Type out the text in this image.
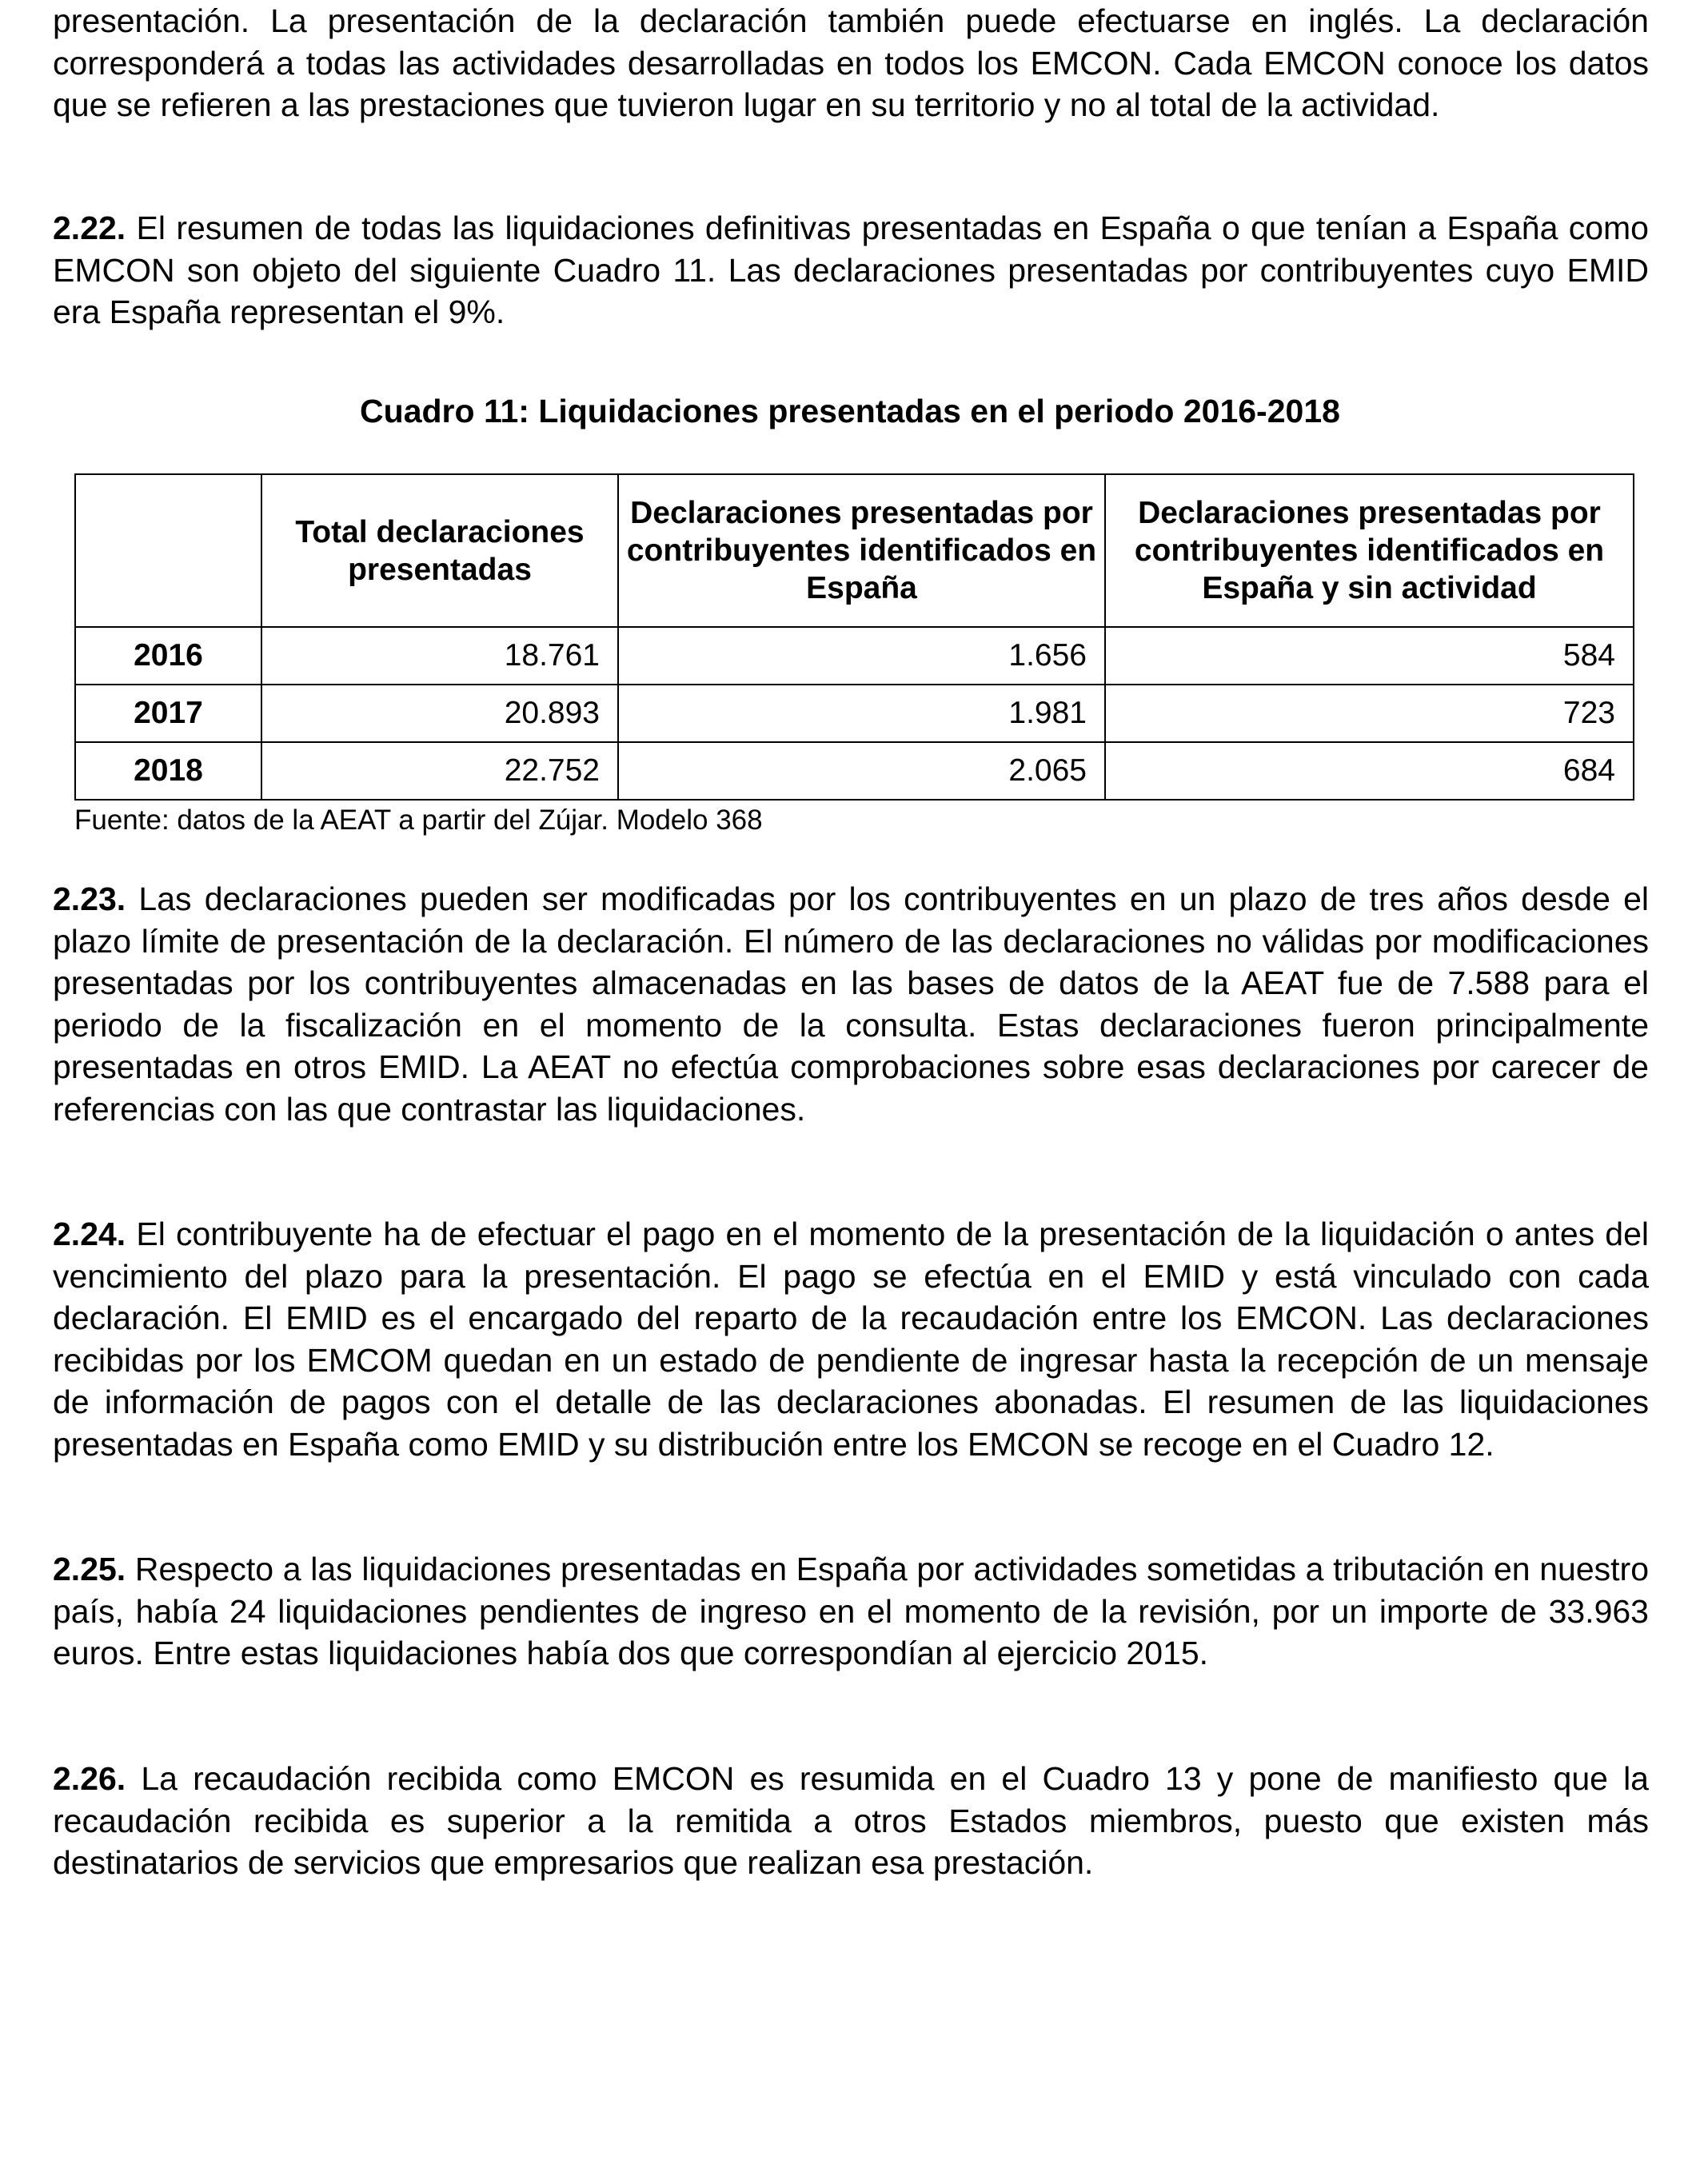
presentación. La presentación de la declaración también puede efectuarse en inglés. La declaración corresponderá a todas las actividades desarrolladas en todos los EMCON. Cada EMCON conoce los datos que se refieren a las prestaciones que tuvieron lugar en su territorio y no al total de la actividad.

2.22. El resumen de todas las liquidaciones definitivas presentadas en España o que tenían a España como EMCON son objeto del siguiente Cuadro 11. Las declaraciones presentadas por contribuyentes cuyo EMID era España representan el 9%.

Cuadro 11: Liquidaciones presentadas en el periodo 2016-2018
	Total declaraciones presentadas	Declaraciones presentadas por contribuyentes identificados en España	Declaraciones presentadas por contribuyentes identificados en España y sin actividad
2016	18.761	1.656	584
2017	20.893	1.981	723
2018	22.752	2.065	684
Fuente: datos de la AEAT a partir del Zújar. Modelo 368

2.23. Las declaraciones pueden ser modificadas por los contribuyentes en un plazo de tres años desde el plazo límite de presentación de la declaración. El número de las declaraciones no válidas por modificaciones presentadas por los contribuyentes almacenadas en las bases de datos de la AEAT fue de 7.588 para el periodo de la fiscalización en el momento de la consulta. Estas declaraciones fueron principalmente presentadas en otros EMID. La AEAT no efectúa comprobaciones sobre esas declaraciones por carecer de referencias con las que contrastar las liquidaciones.

2.24. El contribuyente ha de efectuar el pago en el momento de la presentación de la liquidación o antes del vencimiento del plazo para la presentación. El pago se efectúa en el EMID y está vinculado con cada declaración. El EMID es el encargado del reparto de la recaudación entre los EMCON. Las declaraciones recibidas por los EMCOM quedan en un estado de pendiente de ingresar hasta la recepción de un mensaje de información de pagos con el detalle de las declaraciones abonadas. El resumen de las liquidaciones presentadas en España como EMID y su distribución entre los EMCON se recoge en el Cuadro 12.

2.25. Respecto a las liquidaciones presentadas en España por actividades sometidas a tributación en nuestro país, había 24 liquidaciones pendientes de ingreso en el momento de la revisión, por un importe de 33.963 euros. Entre estas liquidaciones había dos que correspondían al ejercicio 2015.

2.26. La recaudación recibida como EMCON es resumida en el Cuadro 13 y pone de manifiesto que la recaudación recibida es superior a la remitida a otros Estados miembros, puesto que existen más destinatarios de servicios que empresarios que realizan esa prestación.
